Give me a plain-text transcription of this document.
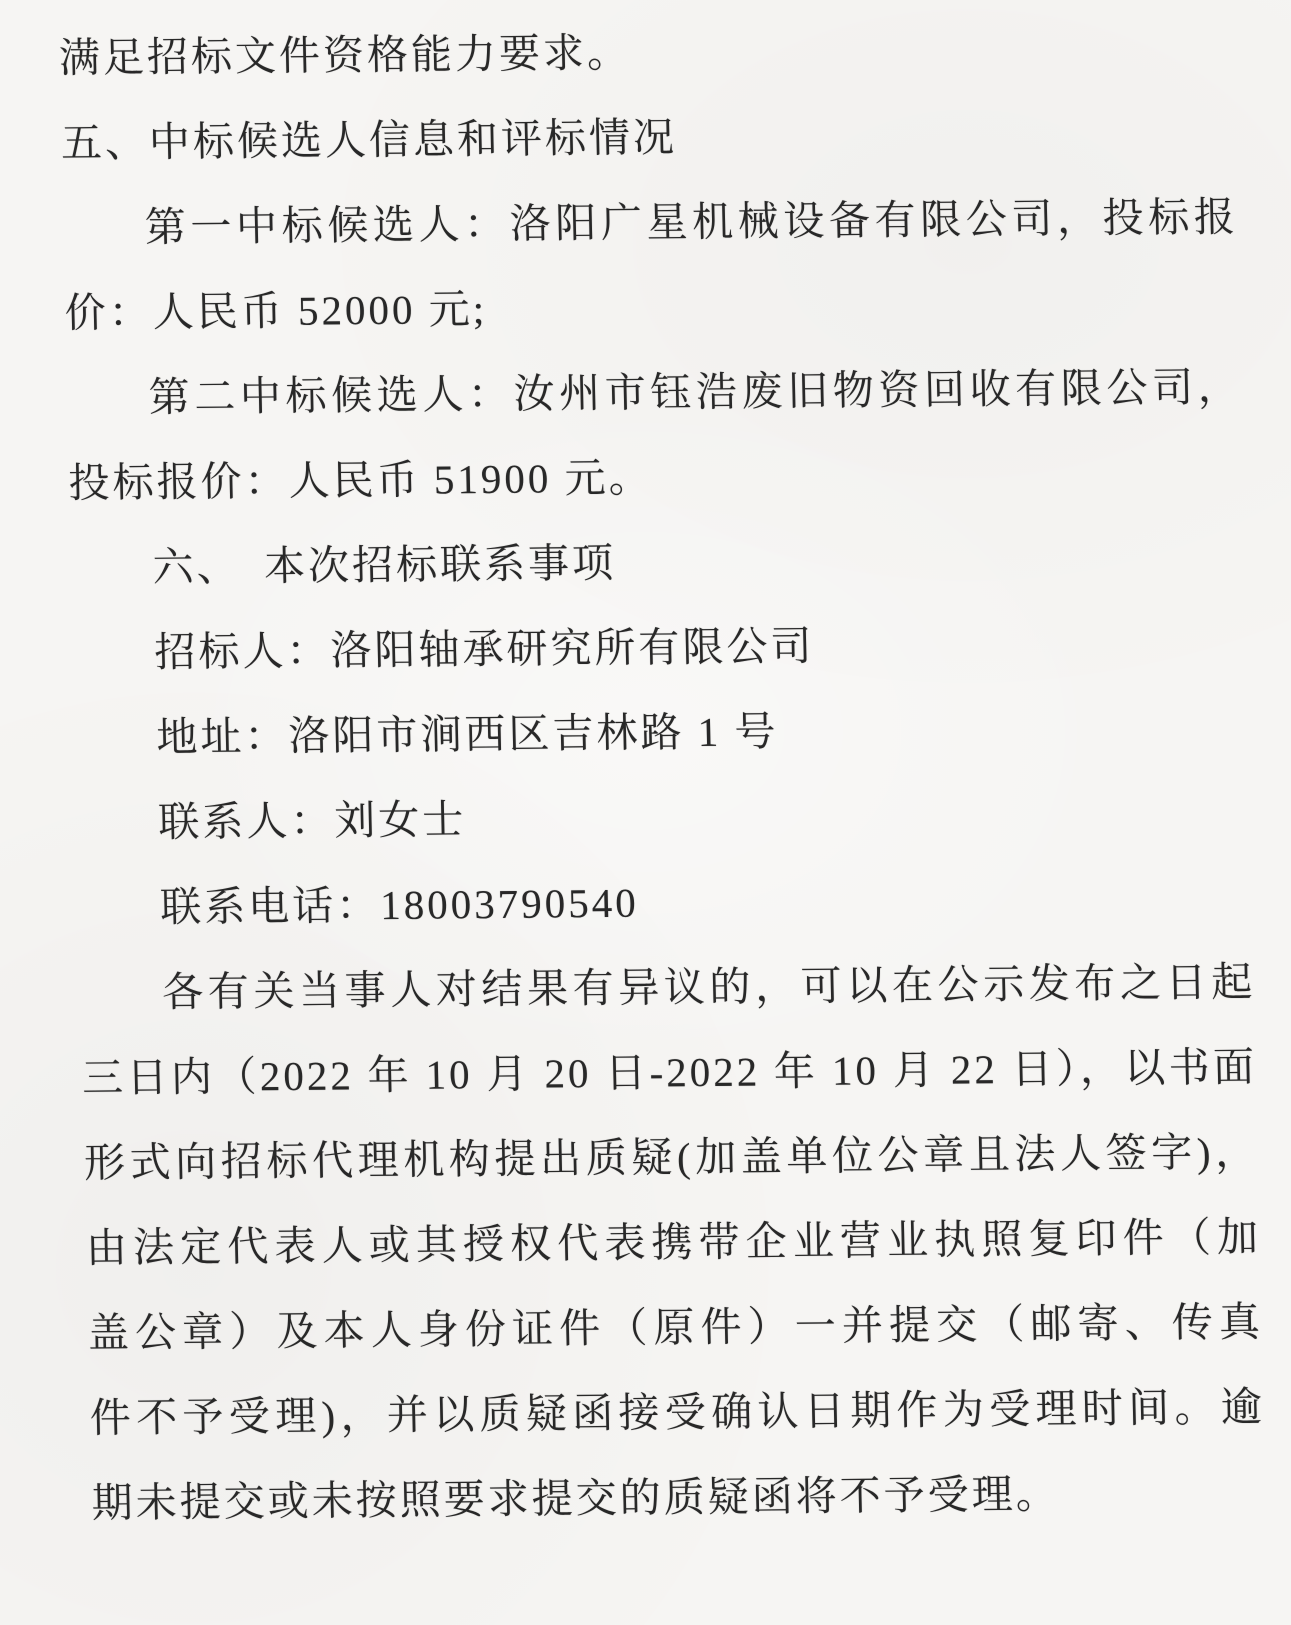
满足招标文件资格能力要求。
五、中标候选人信息和评标情况
第一中标候选人：洛阳广星机械设备有限公司，投标报
价：人民币 52000 元;
第二中标候选人：汝州市钰浩废旧物资回收有限公司，
投标报价：人民币 51900 元。
六、　本次招标联系事项
招标人：洛阳轴承研究所有限公司
地址：洛阳市涧西区吉林路 1 号
联系人：刘女士
联系电话：18003790540
各有关当事人对结果有异议的，可以在公示发布之日起
三日内（2022 年 10 月 20 日-2022 年 10 月 22 日），以书面
形式向招标代理机构提出质疑(加盖单位公章且法人签字)，
由法定代表人或其授权代表携带企业营业执照复印件（加
盖公章）及本人身份证件（原件）一并提交（邮寄、传真
件不予受理)，并以质疑函接受确认日期作为受理时间。逾
期未提交或未按照要求提交的质疑函将不予受理。
